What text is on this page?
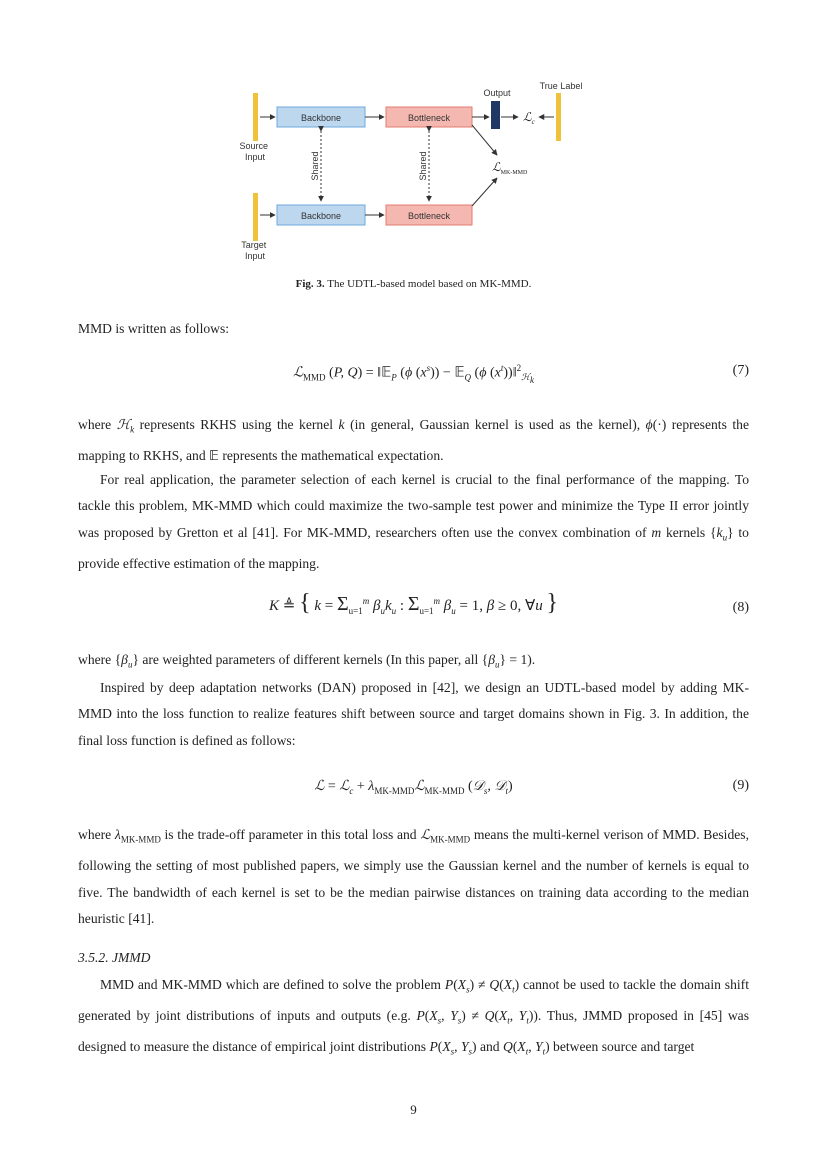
Backbone
Backbone
Bottleneck
Bottleneck
Source Input
Target Input
Output
True Label
Shared	Shared
ℒ$_c$
ℒ$_{MK-MMD}$
Fig. 3. The UDTL-based model based on MK-MMD.
MMD is written as follows:
ℒ$_{MMD}$ (P, Q) = ‖𝔼$_P$ (ϕ $(x^s)$) − 𝔼$_Q$ (ϕ $(x^t))‖^2_{ℋ_k}$
(7)
where ℋ$_k$ represents RKHS using the kernel k (in general, Gaussian kernel is used as the kernel), ϕ(·) represents the mapping to RKHS, and 𝔼 represents the mathematical expectation.
For real application, the parameter selection of each kernel is crucial to the final performance of the mapping. To tackle this problem, MK-MMD which could maximize the two-sample test power and minimize the Type II error jointly was proposed by Gretton et al [41]. For MK-MMD, researchers often use the convex combination of m kernels $\{k_u\}$ to provide effective estimation of the mapping.
K ≜ { $k = \Sigma_{u=1}^m$ $\beta_uk_u$ : $\Sigma_{u=1}^m$ $\beta_u = 1$, β ≥ 0, ∀u }	(8)
where $\{\beta_u\}$ are weighted parameters of different kernels (In this paper, all $\{\beta_u\} = 1$).
Inspired by deep adaptation networks (DAN) proposed in [42], we design an UDTL-based model by adding MK-MMD into the loss function to realize features shift between source and target domains shown in Fig. 3. In addition, the final loss function is defined as follows:
ℒ = ℒ$_c$ + $\lambda_{MK-MMD}ℒ_{MK-MMD}$ (𝒟$_s$, 𝒟$_t$)	(9)
where $\lambda_{MK-MMD}$ is the trade-off parameter in this total loss and ℒ$_{MK-MMD}$ means the multi-kernel verison of MMD. Besides, following the setting of most published papers, we simply use the Gaussian kernel and the number of kernels is equal to five. The bandwidth of each kernel is set to be the median pairwise distances on training data according to the median heuristic [41].
3.5.2. JMMD
MMD and MK-MMD which are defined to solve the problem $P(X_s) \ne Q(X_t)$ cannot be used to tackle the domain shift generated by joint distributions of inputs and outputs (e.g. $P(X_s$, $Y_s) \ne Q(X_t$, $Y_t$)). Thus, JMMD proposed in [45] was designed to measure the distance of empirical joint distributions $P(X_s$, $Y_s$) and $Q(X_t$, $Y_t$) between source and target
9
